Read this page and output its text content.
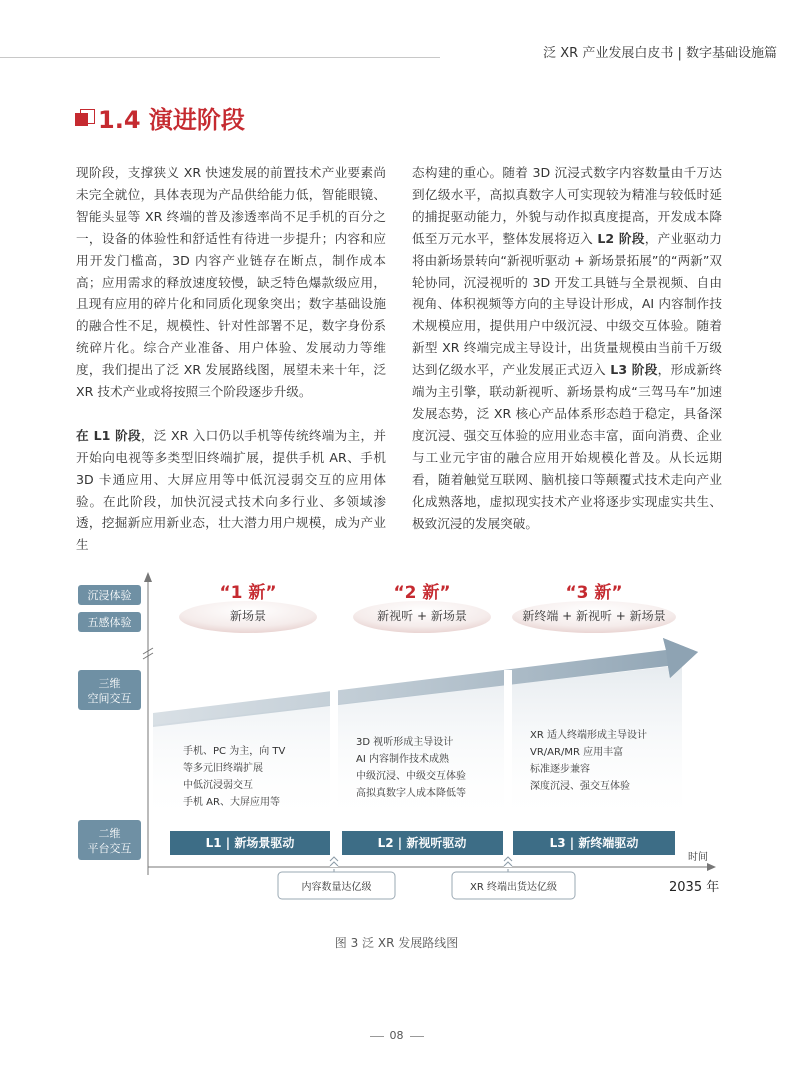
泛 XR 产业发展白皮书 | 数字基础设施篇
1.4 演进阶段

现阶段，支撑狭义 XR 快速发展的前置技术产业要素尚未完全就位，具体表现为产品供给能力低，智能眼镜、智能头显等 XR 终端的普及渗透率尚不足手机的百分之一，设备的体验性和舒适性有待进一步提升；内容和应用开发门槛高，3D 内容产业链存在断点，制作成本高；应用需求的释放速度较慢，缺乏特色爆款级应用，且现有应用的碎片化和同质化现象突出；数字基础设施的融合性不足，规模性、针对性部署不足，数字身份系统碎片化。综合产业准备、用户体验、发展动力等维度，我们提出了泛 XR 发展路线图，展望未来十年，泛 XR 技术产业或将按照三个阶段逐步升级。

在 L1 阶段，泛 XR 入口仍以手机等传统终端为主，并开始向电视等多类型旧终端扩展，提供手机 AR、手机 3D 卡通应用、大屏应用等中低沉浸弱交互的应用体验。在此阶段，加快沉浸式技术向多行业、多领域渗透，挖掘新应用新业态，壮大潜力用户规模，成为产业生

态构建的重心。随着 3D 沉浸式数字内容数量由千万达到亿级水平，高拟真数字人可实现较为精准与较低时延的捕捉驱动能力，外貌与动作拟真度提高，开发成本降低至万元水平，整体发展将迈入 L2 阶段，产业驱动力将由新场景转向“新视听驱动 + 新场景拓展”的“两新”双轮协同，沉浸视听的 3D 开发工具链与全景视频、自由视角、体积视频等方向的主导设计形成，AI 内容制作技术规模应用，提供用户中级沉浸、中级交互体验。随着新型 XR 终端完成主导设计，出货量规模由当前千万级达到亿级水平，产业发展正式迈入 L3 阶段，形成新终端为主引擎，联动新视听、新场景构成“三驾马车”加速发展态势，泛 XR 核心产品体系形态趋于稳定，具备深度沉浸、强交互体验的应用业态丰富，面向消费、企业与工业元宇宙的融合应用开始规模化普及。从长远期看，随着触觉互联网、脑机接口等颠覆式技术走向产业化成熟落地，虚拟现实技术产业将逐步实现虚实共生、极致沉浸的发展突破。

时间
沉浸体验
五感体验
三维
空间交互
二维
平台交互
“1 新”
新场景
“2 新”
新视听 + 新场景
“3 新”
新终端 + 新视听 + 新场景
手机、PC 为主，向 TV
等多元旧终端扩展
中低沉浸弱交互
手机 AR、大屏应用等
3D 视听形成主导设计
AI 内容制作技术成熟
中级沉浸、中级交互体验
高拟真数字人成本降低等
XR 适人终端形成主导设计
VR/AR/MR 应用丰富
标准逐步兼容
深度沉浸、强交互体验
L1 | 新场景驱动	L2 | 新视听驱动	L3 | 新终端驱动
内容数量达亿级	XR 终端出货达亿级	2035 年
图 3 泛 XR 发展路线图
08
